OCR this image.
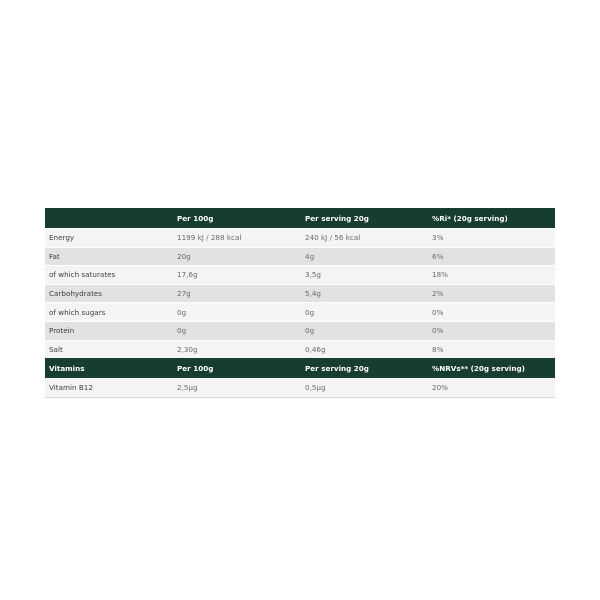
	Per 100g	Per serving 20g	%Ri* (20g serving)
Energy	1199 kJ / 288 kcal	240 kJ / 56 kcal	3%
Fat	20g	4g	6%
of which saturates	17,6g	3,5g	18%
Carbohydrates	27g	5,4g	2%
of which sugars	0g	0g	0%
Protein	0g	0g	0%
Salt	2,30g	0,46g	8%
Vitamins	Per 100g	Per serving 20g	%NRVs** (20g serving)
Vitamin B12	2,5µg	0,5µg	20%
